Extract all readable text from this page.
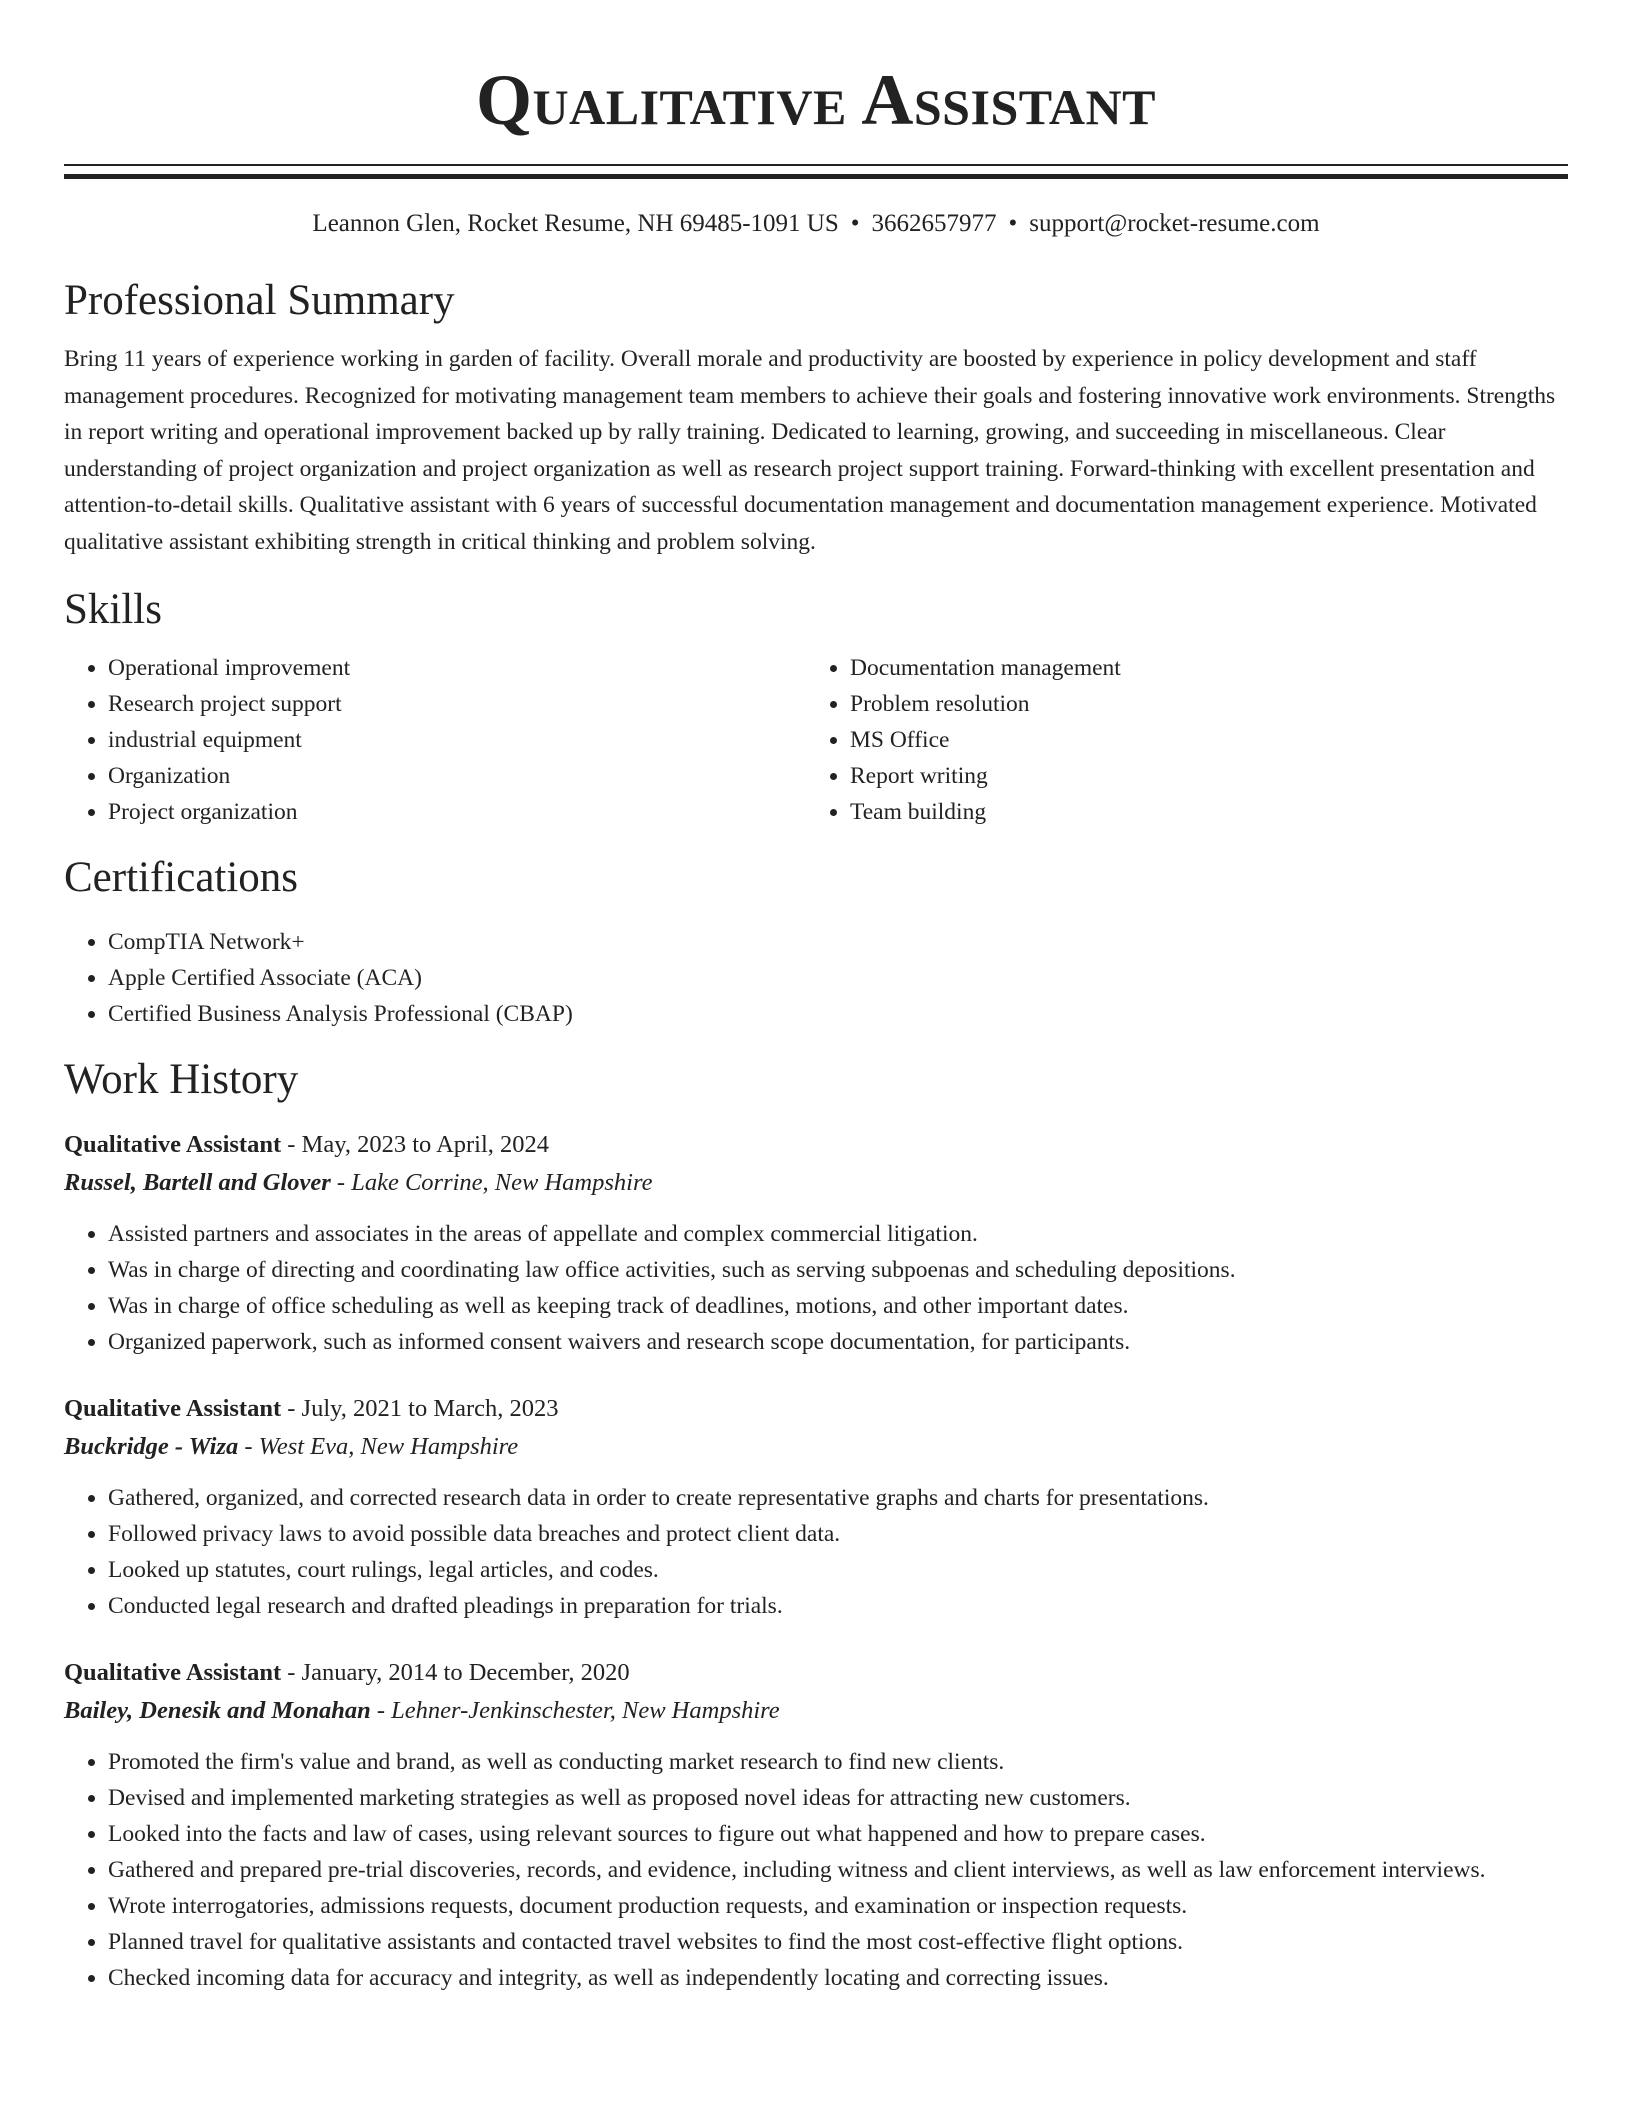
Qualitative Assistant
Leannon Glen, Rocket Resume, NH 69485-1091 US • 3662657977 • support@rocket-resume.com
Professional Summary

Bring 11 years of experience working in garden of facility. Overall morale and productivity are boosted by experience in policy development and staff management procedures. Recognized for motivating management team members to achieve their goals and fostering innovative work environments. Strengths in report writing and operational improvement backed up by rally training. Dedicated to learning, growing, and succeeding in miscellaneous. Clear understanding of project organization and project organization as well as research project support training. Forward-thinking with excellent presentation and attention-to-detail skills. Qualitative assistant with 6 years of successful documentation management and documentation management experience. Motivated qualitative assistant exhibiting strength in critical thinking and problem solving.

Skills
• Operational improvement
• Research project support
• industrial equipment
• Organization
• Project organization
• Documentation management
• Problem resolution
• MS Office
• Report writing
• Team building
Certifications
• CompTIA Network+
• Apple Certified Associate (ACA)
• Certified Business Analysis Professional (CBAP)
Work History
Qualitative Assistant - May, 2023 to April, 2024
Russel, Bartell and Glover - Lake Corrine, New Hampshire
• Assisted partners and associates in the areas of appellate and complex commercial litigation.
• Was in charge of directing and coordinating law office activities, such as serving subpoenas and scheduling depositions.
• Was in charge of office scheduling as well as keeping track of deadlines, motions, and other important dates.
• Organized paperwork, such as informed consent waivers and research scope documentation, for participants.
Qualitative Assistant - July, 2021 to March, 2023
Buckridge - Wiza - West Eva, New Hampshire
• Gathered, organized, and corrected research data in order to create representative graphs and charts for presentations.
• Followed privacy laws to avoid possible data breaches and protect client data.
• Looked up statutes, court rulings, legal articles, and codes.
• Conducted legal research and drafted pleadings in preparation for trials.
Qualitative Assistant - January, 2014 to December, 2020
Bailey, Denesik and Monahan - Lehner-Jenkinschester, New Hampshire
• Promoted the firm's value and brand, as well as conducting market research to find new clients.
• Devised and implemented marketing strategies as well as proposed novel ideas for attracting new customers.
• Looked into the facts and law of cases, using relevant sources to figure out what happened and how to prepare cases.
• Gathered and prepared pre-trial discoveries, records, and evidence, including witness and client interviews, as well as law enforcement interviews.
• Wrote interrogatories, admissions requests, document production requests, and examination or inspection requests.
• Planned travel for qualitative assistants and contacted travel websites to find the most cost-effective flight options.
• Checked incoming data for accuracy and integrity, as well as independently locating and correcting issues.
